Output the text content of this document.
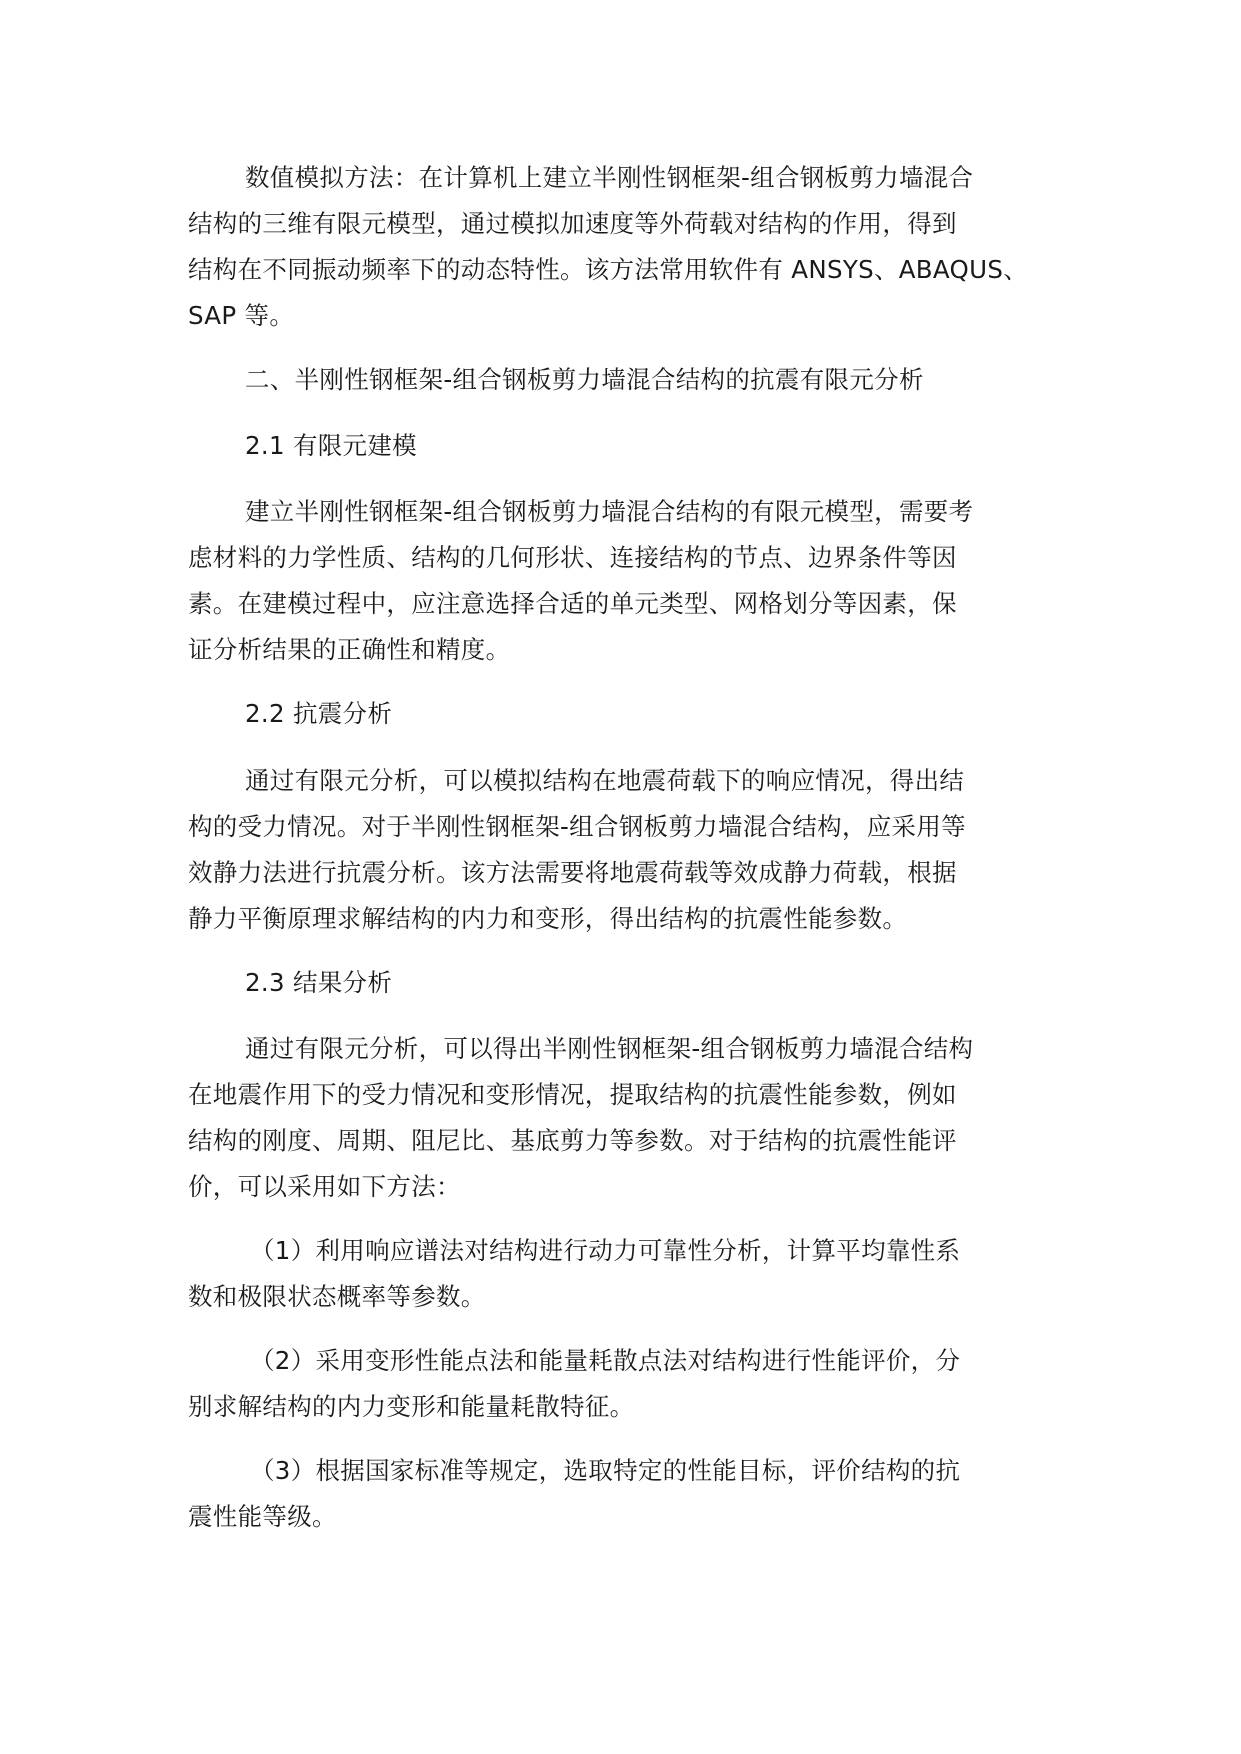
数值模拟方法：在计算机上建立半刚性钢框架-组合钢板剪力墙混合
结构的三维有限元模型，通过模拟加速度等外荷载对结构的作用，得到
结构在不同振动频率下的动态特性。该方法常用软件有 ANSYS、ABAQUS、
SAP 等。
二、半刚性钢框架-组合钢板剪力墙混合结构的抗震有限元分析
2.1 有限元建模
建立半刚性钢框架-组合钢板剪力墙混合结构的有限元模型，需要考
虑材料的力学性质、结构的几何形状、连接结构的节点、边界条件等因
素。在建模过程中，应注意选择合适的单元类型、网格划分等因素，保
证分析结果的正确性和精度。
2.2 抗震分析
通过有限元分析，可以模拟结构在地震荷载下的响应情况，得出结
构的受力情况。对于半刚性钢框架-组合钢板剪力墙混合结构，应采用等
效静力法进行抗震分析。该方法需要将地震荷载等效成静力荷载，根据
静力平衡原理求解结构的内力和变形，得出结构的抗震性能参数。
2.3 结果分析
通过有限元分析，可以得出半刚性钢框架-组合钢板剪力墙混合结构
在地震作用下的受力情况和变形情况，提取结构的抗震性能参数，例如
结构的刚度、周期、阻尼比、基底剪力等参数。对于结构的抗震性能评
价，可以采用如下方法：
（1）利用响应谱法对结构进行动力可靠性分析，计算平均靠性系
数和极限状态概率等参数。
（2）采用变形性能点法和能量耗散点法对结构进行性能评价，分
别求解结构的内力变形和能量耗散特征。
（3）根据国家标准等规定，选取特定的性能目标，评价结构的抗
震性能等级。
